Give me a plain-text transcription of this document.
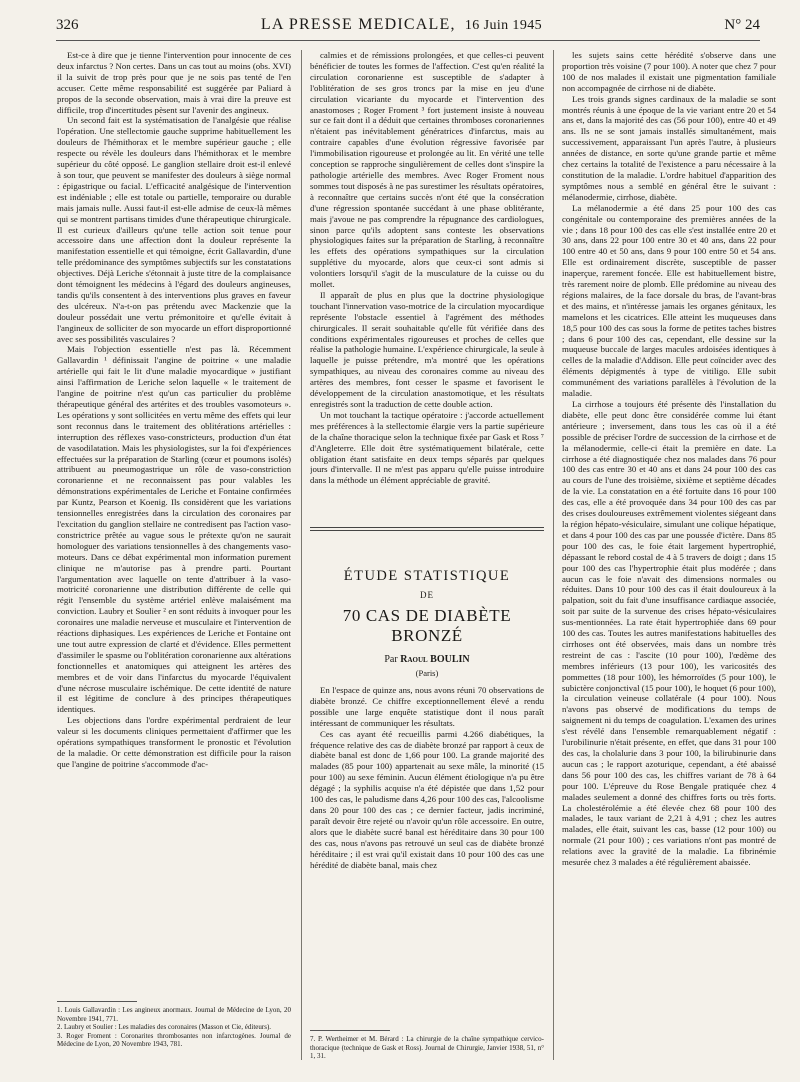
326	LA PRESSE MEDICALE, 16 Juin 1945	N° 24

Est-ce à dire que je tienne l'intervention pour innocente de ces deux infarctus ? Non certes. Dans un cas tout au moins (obs. XVI) il la suivit de trop près pour que je ne sois pas tenté de l'en accuser. Cette même responsabilité est suggérée par Paliard à propos de la seconde observation, mais à vrai dire la preuve est difficile, trop d'incertitudes pèsent sur l'avenir des angineux.

Un second fait est la systématisation de l'analgésie que réalise l'opération. Une stellectomie gauche supprime habituellement les douleurs de l'hémithorax et le membre supérieur gauche ; elle respecte ou révèle les douleurs dans l'hémithorax et le membre supérieur du côté opposé. Le ganglion stellaire droit est-il enlevé à son tour, que peuvent se manifester des douleurs à siège normal : épigastrique ou facial. L'efficacité analgésique de l'intervention est indéniable ; elle est totale ou partielle, temporaire ou durable mais jamais nulle. Aussi faut-il est-elle admise de ceux-là mêmes qui se montrent partisans timides d'une thérapeutique chirurgicale. Il est curieux d'ailleurs qu'une telle action soit tenue pour accessoire dans une affection dont la douleur représente la manifestation essentielle et qui témoigne, écrit Gallavardin, d'une telle prédominance des symptômes subjectifs sur les constatations objectives. Déjà Leriche s'étonnait à juste titre de la complaisance dont témoignent les médecins à l'égard des douleurs angineuses, tandis qu'ils consentent à des interventions plus graves en faveur des ulcéreux. N'a-t-on pas prétendu avec Mackenzie que la douleur possédait une vertu prémonitoire et qu'elle évitait à l'angineux de solliciter de son myocarde un effort disproportionné avec ses possibilités vasculaires ?

Mais l'objection essentielle n'est pas là. Récemment Gallavardin ¹ définissait l'angine de poitrine « une maladie artérielle qui fait le lit d'une maladie myocardique » justifiant ainsi l'affirmation de Leriche selon laquelle « le traitement de l'angine de poitrine n'est qu'un cas particulier du problème thérapeutique général des artérites et des troubles vasomoteurs ». Les opérations y sont sollicitées en vertu même des effets qui leur sont reconnus dans le traitement des oblitérations artérielles : interruption des réflexes vaso-constricteurs, production d'un état de vasodilatation. Mais les physiologistes, sur la foi d'expériences effectuées sur la préparation de Starling (cœur et poumons isolés) attribuent au pneumogastrique un rôle de vaso-constriction coronarienne et ne reconnaissent pas pour valables les démonstrations expérimentales de Leriche et Fontaine confirmées par Kuntz, Pearson et Koenig. Ils considèrent que les variations tensionnelles enregistrées dans la circulation des coronaires par l'excitation du ganglion stellaire ne contredisent pas l'action vaso-constrictrice prêtée au vague sous le prétexte qu'on ne saurait homologuer des variations tensionnelles à des changements vaso-moteurs. Dans ce débat expérimental mon information purement clinique ne m'autorise pas à prendre parti. Pourtant l'argumentation avec laquelle on tente d'attribuer à la vaso-motricité coronarienne une distribution différente de celle qui régit l'ensemble du système artériel enlève malaisément ma conviction. Laubry et Soulier ² en sont réduits à invoquer pour les coronaires une maladie nerveuse et musculaire et l'intervention de réactions diphasiques. Les expériences de Leriche et Fontaine ont une tout autre expression de clarté et d'évidence. Elles permettent d'assimiler le spasme ou l'oblitération coronarienne aux altérations fonctionnelles et anatomiques qui atteignent les artères des membres et de voir dans l'infarctus du myocarde l'équivalent d'une nécrose musculaire ischémique. De cette identité de nature il est légitime de conclure à des principes thérapeutiques identiques.

Les objections dans l'ordre expérimental perdraient de leur valeur si les documents cliniques permettaient d'affirmer que les opérations sympathiques transforment le pronostic et l'évolution de la maladie. Or cette démonstration est difficile pour la raison que l'angine de poitrine s'accommode d'ac-

calmies et de rémissions prolongées, et que celles-ci peuvent bénéficier de toutes les formes de l'affection. C'est qu'en réalité la circulation coronarienne est susceptible de s'adapter à l'oblitération de ses gros troncs par la mise en jeu d'une circulation vicariante du myocarde et l'intervention des anastomoses ; Roger Froment ³ fort justement insiste à nouveau sur ce fait dont il a déduit que certaines thromboses coronariennes n'étaient pas inévitablement génératrices d'infarctus, mais au contraire capables d'une évolution régressive favorisée par l'immobilisation rigoureuse et prolongée au lit. En vérité une telle conception se rapproche singulièrement de celles dont s'inspire la pathologie artérielle des membres. Avec Roger Froment nous sommes tout disposés à ne pas surestimer les résultats opératoires, à reconnaître que certains succès n'ont été que la consécration d'une régression spontanée succédant à une phase oblitérante, mais j'avoue ne pas comprendre la répugnance des cardiologues, sinon parce qu'ils adoptent sans conteste les observations physiologiques faites sur la préparation de Starling, à reconnaître les effets des opérations sympathiques sur la circulation supplétive du myocarde, alors que ceux-ci sont admis si volontiers lorsqu'il s'agit de la musculature de la cuisse ou du mollet.

Il apparaît de plus en plus que la doctrine physiologique touchant l'innervation vaso-motrice de la circulation myocardique représente l'obstacle essentiel à l'agrément des méthodes chirurgicales. Il serait souhaitable qu'elle fût vérifiée dans des conditions expérimentales rigoureuses et proches de celles que réalise la pathologie humaine. L'expérience chirurgicale, la seule à laquelle je puisse prétendre, m'a montré que les opérations sympathiques, au niveau des coronaires comme au niveau des artères des membres, font cesser le spasme et favorisent le développement de la circulation anastomotique, et les résultats enregistrés sont la traduction de cette double action.

Un mot touchant la tactique opératoire : j'accorde actuellement mes préférences à la stellectomie élargie vers la partie supérieure de la chaîne thoracique selon la technique fixée par Gask et Ross ⁷ d'Angleterre. Elle doit être systématiquement bilatérale, cette obligation étant satisfaite en deux temps séparés par quelques jours d'intervalle. Il ne m'est pas apparu qu'elle puisse introduire dans la méthode un élément appréciable de gravité.

ÉTUDE STATISTIQUE
DE
70 CAS DE DIABÈTE BRONZÉ
Par Raoul BOULIN
(Paris)

En l'espace de quinze ans, nous avons réuni 70 observations de diabète bronzé. Ce chiffre exceptionnellement élevé a rendu possible une large enquête statistique dont il nous paraît intéressant de communiquer les résultats.

Ces cas ayant été recueillis parmi 4.266 diabétiques, la fréquence relative des cas de diabète bronzé par rapport à ceux de diabète banal est donc de 1,66 pour 100. La grande majorité des malades (85 pour 100) appartenait au sexe mâle, la minorité (15 pour 100) au sexe féminin. Aucun élément étiologique n'a pu être dégagé ; la syphilis acquise n'a été dépistée que dans 1,52 pour 100 des cas, le paludisme dans 4,26 pour 100 des cas, l'alcoolisme dans 20 pour 100 des cas ; ce dernier facteur, jadis incriminé, paraît devoir être rejeté ou n'avoir qu'un rôle accessoire. En outre, alors que le diabète sucré banal est héréditaire dans 30 pour 100 des cas, nous n'avons pas retrouvé un seul cas de diabète bronzé héréditaire ; il est vrai qu'il existait dans 10 pour 100 des cas une hérédité de diabète banal, mais chez

les sujets sains cette hérédité s'observe dans une proportion très voisine (7 pour 100). A noter que chez 7 pour 100 de nos malades il existait une pigmentation familiale non accompagnée de cirrhose ni de diabète.

Les trois grands signes cardinaux de la maladie se sont montrés réunis à une époque de la vie variant entre 20 et 54 ans et, dans la majorité des cas (56 pour 100), entre 40 et 49 ans. Ils ne se sont jamais installés simultanément, mais successivement, apparaissant l'un après l'autre, à plusieurs années de distance, en sorte qu'une grande partie et même chez certains la totalité de l'existence a paru nécessaire à la constitution de la maladie. L'ordre habituel d'apparition des symptômes nous a semblé en général être le suivant : mélanodermie, cirrhose, diabète.

La mélanodermie a été dans 25 pour 100 des cas congénitale ou contemporaine des premières années de la vie ; dans 18 pour 100 des cas elle s'est installée entre 20 et 30 ans, dans 22 pour 100 entre 30 et 40 ans, dans 22 pour 100 entre 40 et 50 ans, dans 9 pour 100 entre 50 et 54 ans. Elle est ordinairement discrète, susceptible de passer inaperçue, rarement foncée. Elle est habituellement bistre, très rarement noire de plomb. Elle prédomine au niveau des régions malaires, de la face dorsale du bras, de l'avant-bras et des mains, et n'intéresse jamais les organes génitaux, les mamelons et les cicatrices. Elle atteint les muqueuses dans 18,5 pour 100 des cas sous la forme de petites taches bistres ; dans 6 pour 100 des cas, cependant, elle dessine sur la muqueuse buccale de larges macules ardoisées identiques à celles de la maladie d'Addison. Elle peut coïncider avec des éléments dépigmentés à type de vitiligo. Elle subit communément des variations parallèles à l'évolution de la maladie.

La cirrhose a toujours été présente dès l'installation du diabète, elle peut donc être considérée comme lui étant antérieure ; inversement, dans tous les cas où il a été possible de préciser l'ordre de succession de la cirrhose et de la mélanodermie, celle-ci était la première en date. La cirrhose a été diagnostiquée chez nos malades dans 76 pour 100 des cas entre 30 et 40 ans et dans 24 pour 100 des cas au cours de l'une des troisième, sixième et septième décades de la vie. La constatation en a été fortuite dans 16 pour 100 des cas, elle a été provoquée dans 34 pour 100 des cas par des crises douloureuses extrêmement violentes siégeant dans la région hépato-vésiculaire, simulant une colique hépatique, et dans 4 pour 100 des cas par une poussée d'ictère. Dans 85 pour 100 des cas, le foie était largement hypertrophié, dépassant le rebord costal de 4 à 5 travers de doigt ; dans 15 pour 100 des cas l'hypertrophie était plus modérée ; dans aucun cas le foie n'avait des dimensions normales ou réduites. Dans 10 pour 100 des cas il était douloureux à la palpation, soit du fait d'une insuffisance cardiaque associée, soit par suite de la survenue des crises hépato-vésiculaires sus-mentionnées. La rate était hypertrophiée dans 69 pour 100 des cas. Toutes les autres manifestations habituelles des cirrhoses ont été observées, mais dans un nombre très restreint de cas : l'ascite (10 pour 100), l'œdème des membres inférieurs (13 pour 100), les varicosités des pommettes (18 pour 100), les hémorroïdes (5 pour 100), le subictère conjonctival (15 pour 100), le hoquet (6 pour 100), la circulation veineuse collatérale (4 pour 100). Nous n'avons pas observé de modifications du temps de saignement ni du temps de coagulation. L'examen des urines s'est révélé dans l'ensemble remarquablement négatif : l'urobilinurie n'était présente, en effet, que dans 31 pour 100 des cas, la cholalurie dans 3 pour 100, la bilirubinurie dans aucun cas ; le rapport azoturique, cependant, a été abaissé dans 56 pour 100 des cas, les chiffres variant de 78 à 64 pour 100. L'épreuve du Rose Bengale pratiquée chez 4 malades seulement a donné des chiffres forts ou très forts. La cholestérolémie a été élevée chez 68 pour 100 des malades, le taux variant de 2,21 à 4,91 ; chez les autres malades, elle était, suivant les cas, basse (12 pour 100) ou normale (21 pour 100) ; ces variations n'ont pas montré de relations avec la gravité de la maladie. La fibrinémie mesurée chez 3 malades a été régulièrement abaissée.

1. Louis Gallavardin : Les angineux anormaux. Journal de Médecine de Lyon, 20 Novembre 1941, 771.
2. Laubry et Soulier : Les maladies des coronaires (Masson et Cie, éditeurs).
3. Roger Froment : Coronarites thrombosantes non infarctogènes. Journal de Médecine de Lyon, 20 Novembre 1943, 781.
7. P. Wertheimer et M. Bérard : La chirurgie de la chaîne sympathique cervico-thoracique (technique de Gask et Ross). Journal de Chirurgie, Janvier 1938, 51, n° 1, 31.
